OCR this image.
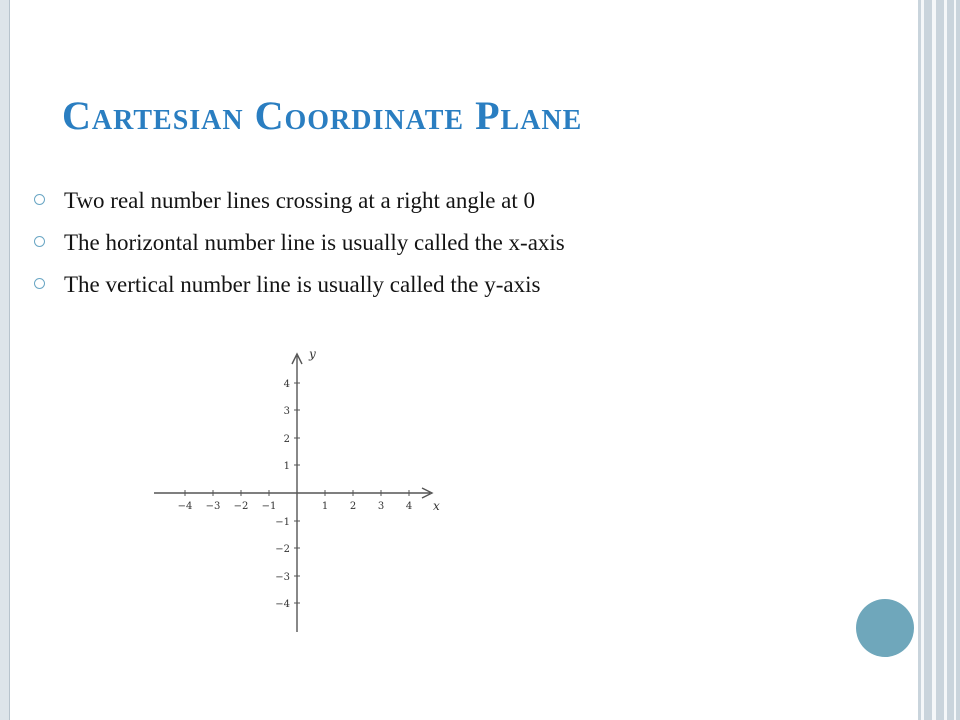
Cartesian Coordinate Plane
Two real number lines crossing at a right angle at 0
The horizontal number line is usually called the x-axis
The vertical number line is usually called the y-axis
−4 −3 −2 −1	1 2 3 4
4
3
2
1
−1
−2
−3
−4
x
y
